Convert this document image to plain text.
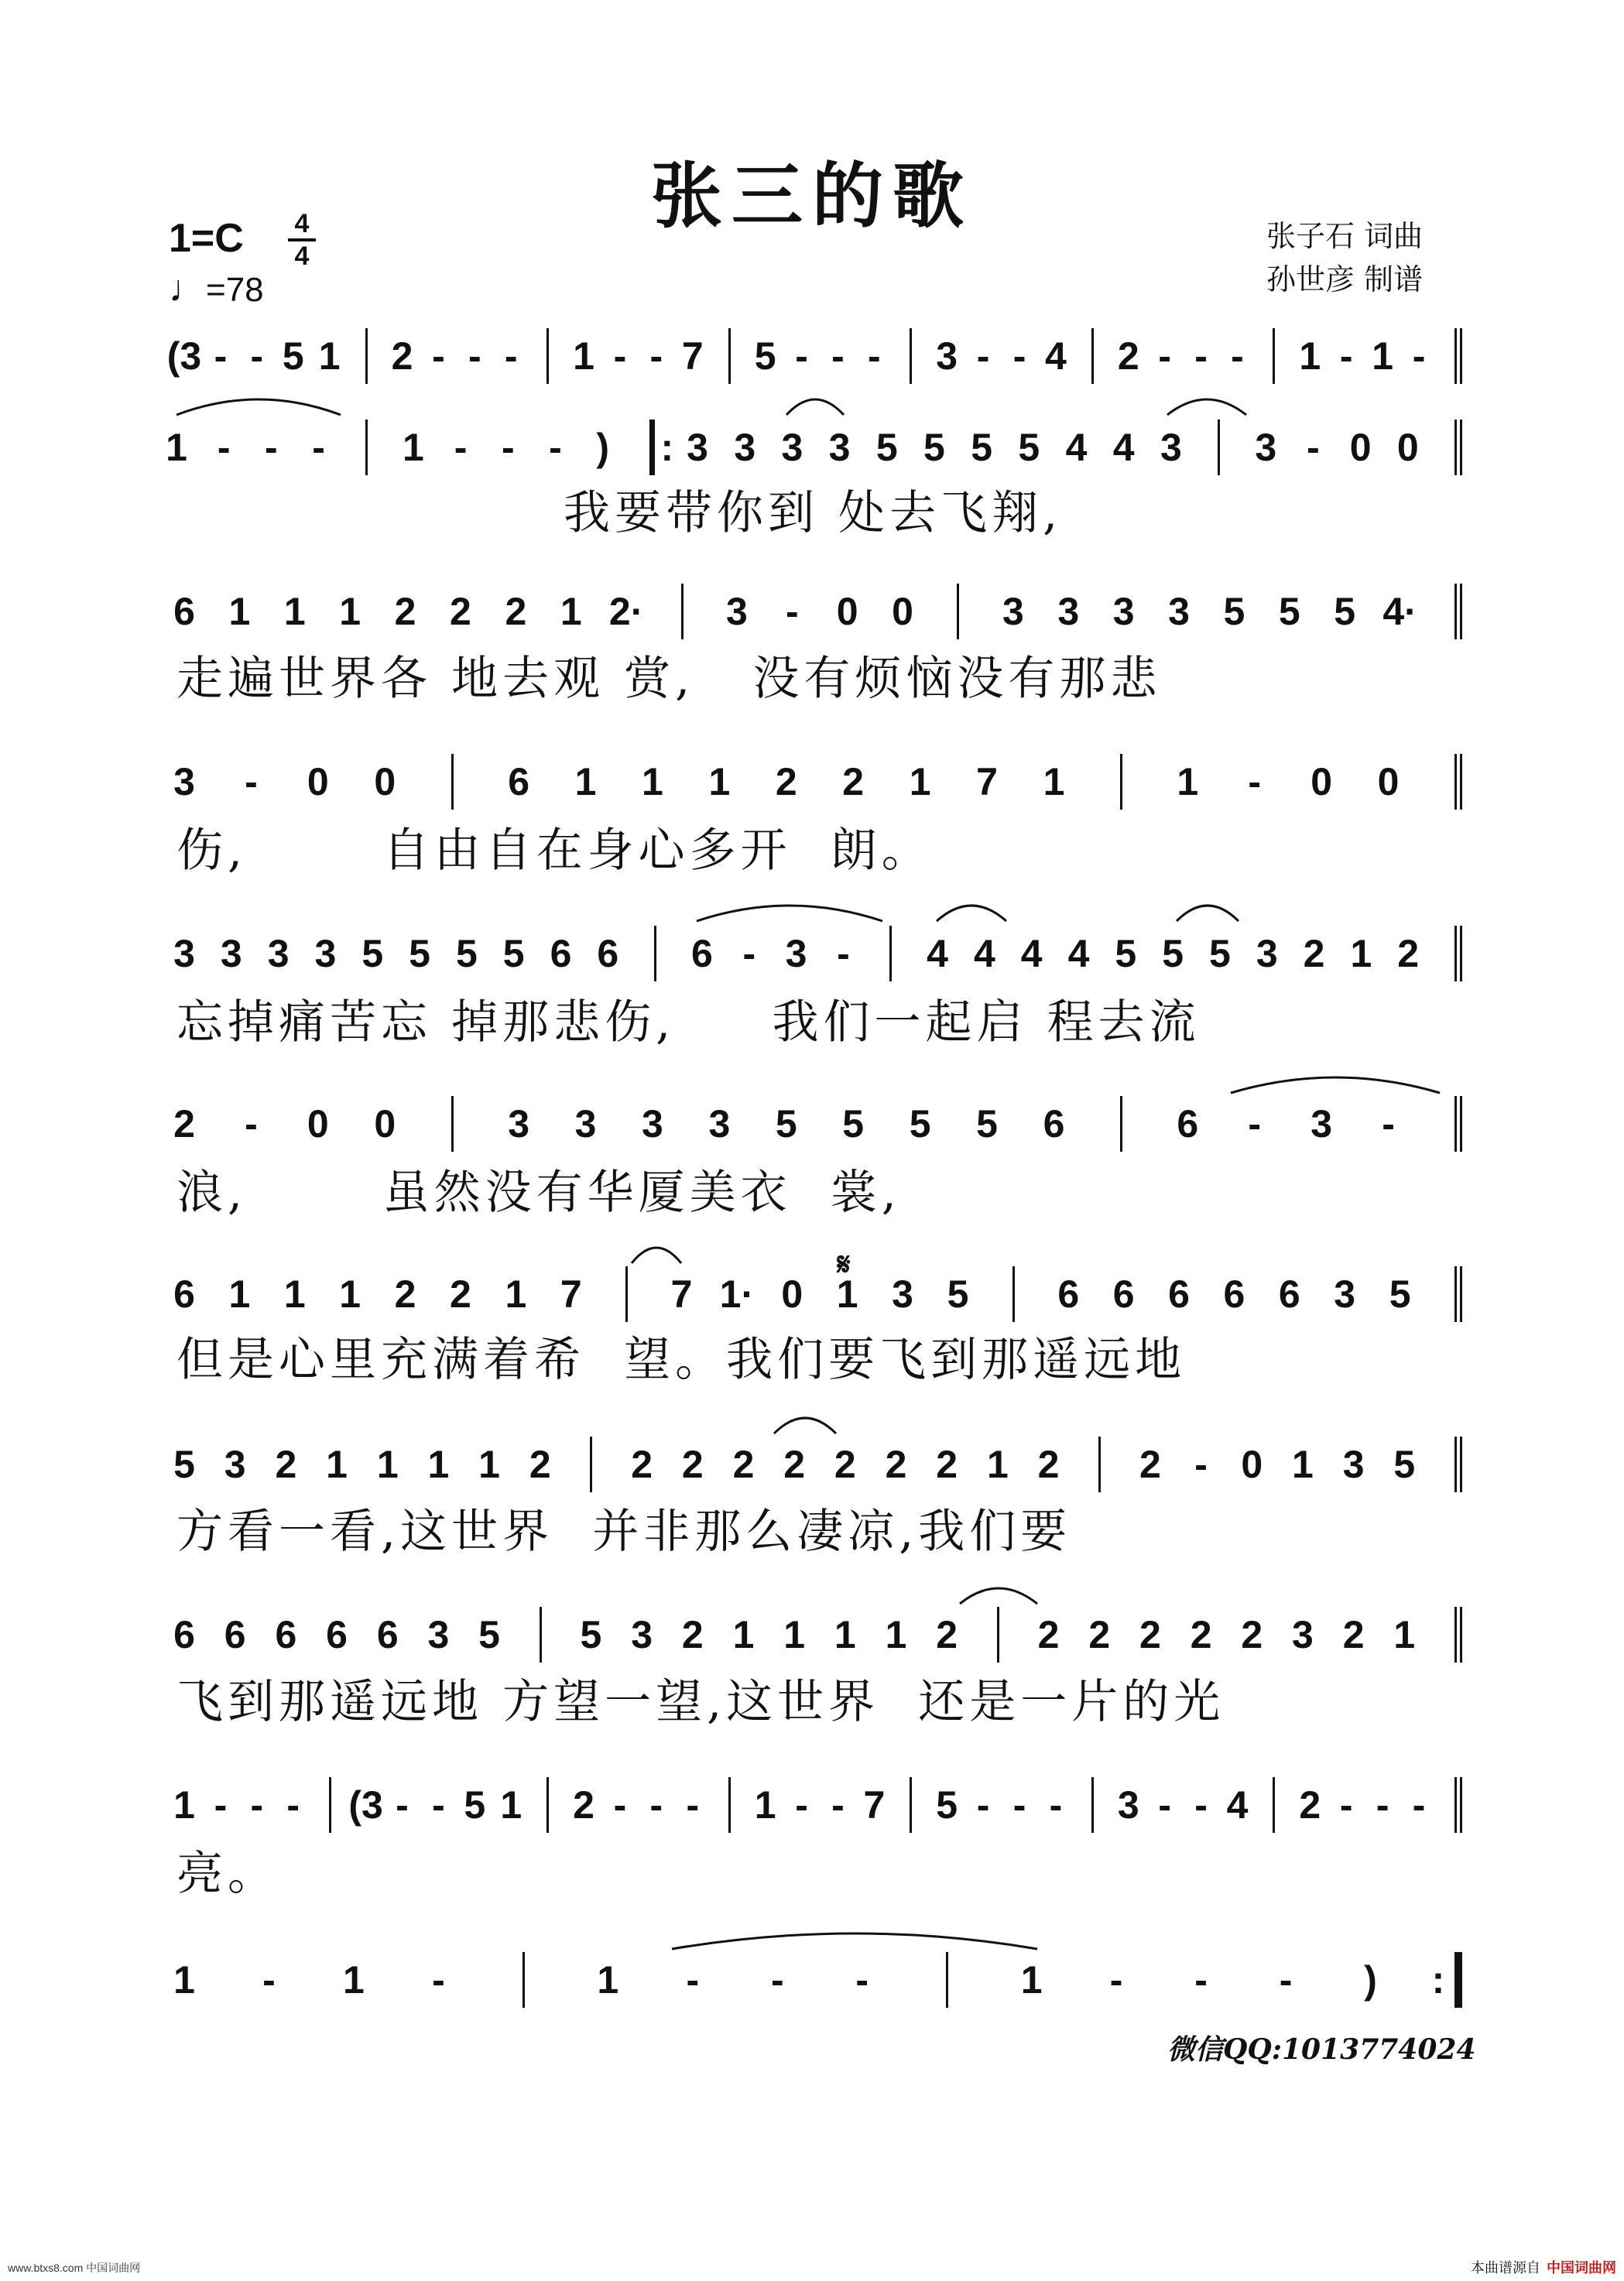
张三的歌
1=C 4
4
♩=78
张子石 词曲
孙世彦 制谱
(3 - - 5 1 2 - - - 1 - - 7 5 - - - 3 - - 4 2 - - - 1 - 1 -
1 - - - 1 - - - ) : 3 3 3 3 5 5 5 5 4 4 3 3 - 0 0
我要带你到 处去飞翔,
6 1 1 1 2 2 2 1 2· 3 - 0 0 3 3 3 3 5 5 5 4·
走遍世界各 地去观 赏,   没有烦恼没有那悲
3 - 0 0	6 1 1 1 2 2 1 7 1	1 - 0 0
伤,       自由自在身心多开  朗。
3 3 3 3 5 5 5 5 6 6 6 - 3 - 4 4 4 4 5 5 5 3 2 1 2
忘掉痛苦忘 掉那悲伤,     我们一起启 程去流
2 - 0 0	3 3 3 3 5 5 5 5 6	6 - 3 -
浪,       虽然没有华厦美衣  裳,
6 1 1 1 2 2 1 7 7 1· 0 1 3 5 6 6 6 6 6 3 5
但是心里充满着希  望。我们要飞到那遥远地
5 3 2 1 1 1 1 2 2 2 2 2 2 2 2 1 2 2 - 0 1 3 5
方看一看,这世界  并非那么凄凉,我们要
6 6 6 6 6 3 5 5 3 2 1 1 1 1 2 2 2 2 2 2 3 2 1
飞到那遥远地 方望一望,这世界  还是一片的光
1 - - - (3 - - 5 1 2 - - - 1 - - 7 5 - - - 3 - - 4 2 - - -
亮。
1 - 1 -	1 - - -	1 - - - ) :
𝄋
微信QQ:1013774024
www.btxs8.com 中国词曲网	本曲谱源自 中国词曲网
